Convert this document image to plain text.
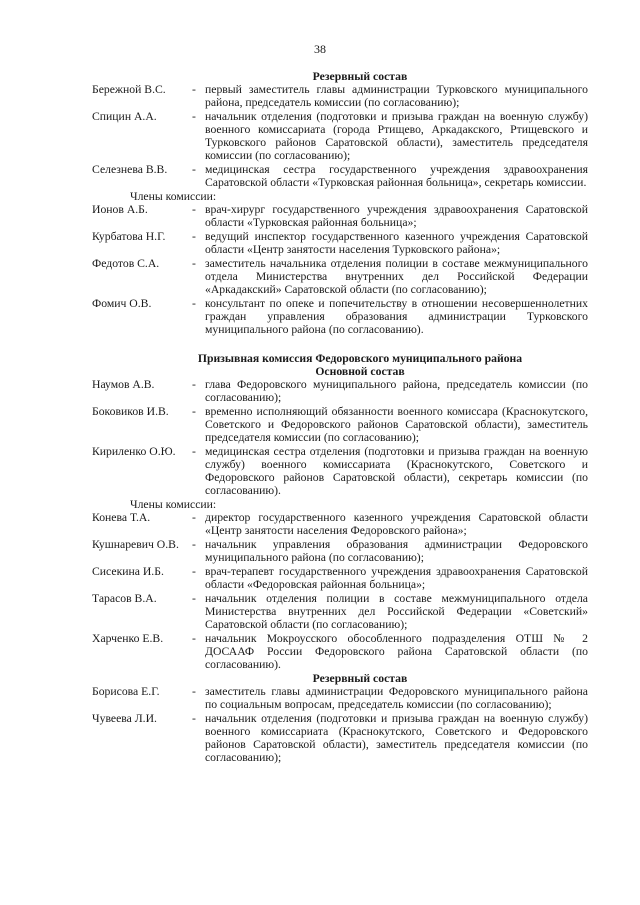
38
Резервный состав
Бережной В.С. - первый заместитель главы администрации Турковского муниципального района, председатель комиссии (по согласованию);
Спицин А.А.	- начальник отделения (подготовки и призыва граждан на военную службу) военного комиссариата (города Ртищево, Аркадакского, Ртищевского и Турковского районов Саратовской области), заместитель председателя комиссии (по согласованию);
Селезнева В.В. - медицинская сестра государственного учреждения здравоохранения Саратовской области «Турковская районная больница», секретарь комиссии.
Члены комиссии:
Ионов А.Б.	- врач-хирург государственного учреждения здравоохранения Саратовской области «Турковская районная больница»;
Курбатова Н.Г. - ведущий инспектор государственного казенного учреждения Саратовской области «Центр занятости населения Турковского района»;
Федотов С.А.	- заместитель начальника отделения полиции в составе межмуниципального отдела Министерства внутренних дел Российской Федерации «Аркадакский» Саратовской области (по согласованию);
Фомич О.В.	- консультант по опеке и попечительству в отношении несовершеннолетних граждан управления образования администрации Турковского муниципального района (по согласованию).
Призывная комиссия Федоровского муниципального района
Основной состав
Наумов А.В.	- глава Федоровского муниципального района, председатель комиссии (по согласованию);
Боковиков И.В. - временно исполняющий обязанности военного комиссара (Краснокутского, Советского и Федоровского районов Саратовской области), заместитель председателя комиссии (по согласованию);
Кириленко О.Ю. - медицинская сестра отделения (подготовки и призыва граждан на военную службу) военного комиссариата (Краснокутского, Советского и Федоровского районов Саратовской области), секретарь комиссии (по согласованию).
Члены комиссии:
Конева Т.А.	- директор государственного казенного учреждения Саратовской области «Центр занятости населения Федоровского района»;
Кушнаревич О.В. - начальник управления образования администрации Федоровского муниципального района (по согласованию);
Сисекина И.Б. - врач-терапевт государственного учреждения здравоохранения Саратовской области «Федоровская районная больница»;
Тарасов В.А.	- начальник отделения полиции в составе межмуниципального отдела Министерства внутренних дел Российской Федерации «Советский» Саратовской области (по согласованию);
Харченко Е.В. - начальник Мокроусского обособленного подразделения ОТШ № 2 ДОСААФ России Федоровского района Саратовской области (по согласованию).
Резервный состав
Борисова Е.Г.	- заместитель главы администрации Федоровского муниципального района по социальным вопросам, председатель комиссии (по согласованию);
Чувеева Л.И.	- начальник отделения (подготовки и призыва граждан на военную службу) военного комиссариата (Краснокутского, Советского и Федоровского районов Саратовской области), заместитель председателя комиссии (по согласованию);
